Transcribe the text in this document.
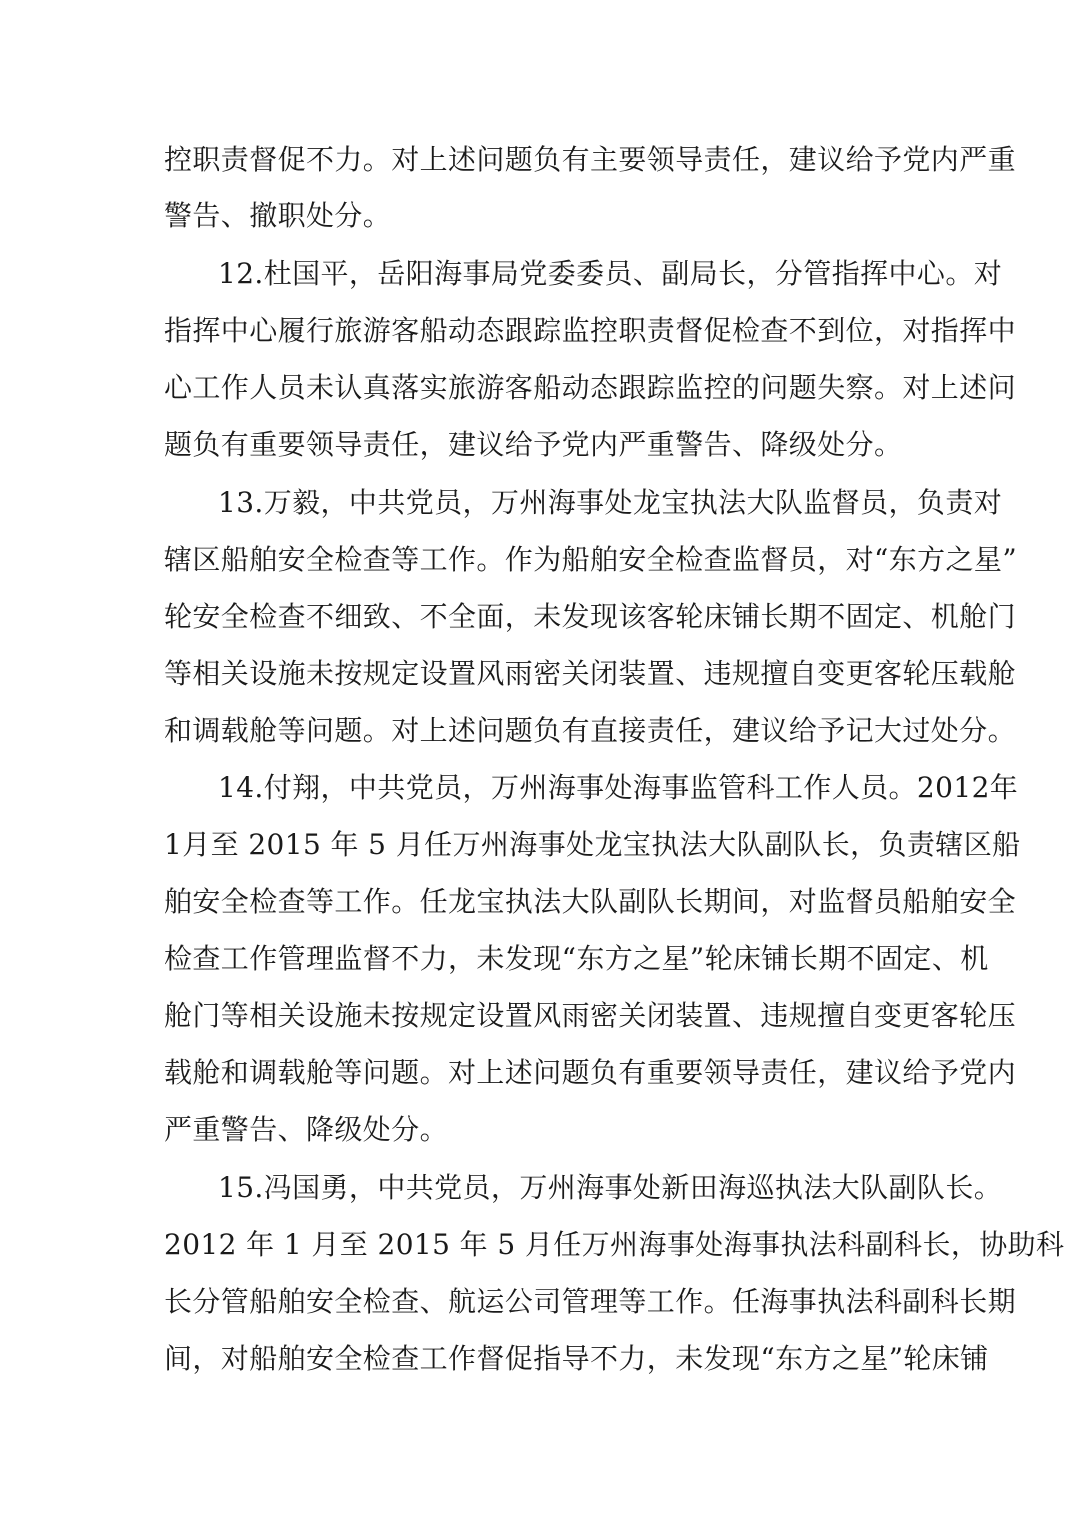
控职责督促不力。对上述问题负有主要领导责任，建议给予党内严重
警告、撤职处分。
12.杜国平，岳阳海事局党委委员、副局长，分管指挥中心。对
指挥中心履行旅游客船动态跟踪监控职责督促检查不到位，对指挥中
心工作人员未认真落实旅游客船动态跟踪监控的问题失察。对上述问
题负有重要领导责任，建议给予党内严重警告、降级处分。
13.万毅，中共党员，万州海事处龙宝执法大队监督员，负责对
辖区船舶安全检查等工作。作为船舶安全检查监督员，对“东方之星”
轮安全检查不细致、不全面，未发现该客轮床铺长期不固定、机舱门
等相关设施未按规定设置风雨密关闭装置、违规擅自变更客轮压载舱
和调载舱等问题。对上述问题负有直接责任，建议给予记大过处分。
14.付翔，中共党员，万州海事处海事监管科工作人员。2012年
1月至 2015 年 5 月任万州海事处龙宝执法大队副队长，负责辖区船
舶安全检查等工作。任龙宝执法大队副队长期间，对监督员船舶安全
检查工作管理监督不力，未发现“东方之星”轮床铺长期不固定、机
舱门等相关设施未按规定设置风雨密关闭装置、违规擅自变更客轮压
载舱和调载舱等问题。对上述问题负有重要领导责任，建议给予党内
严重警告、降级处分。
15.冯国勇，中共党员，万州海事处新田海巡执法大队副队长。
2012 年 1 月至 2015 年 5 月任万州海事处海事执法科副科长，协助科
长分管船舶安全检查、航运公司管理等工作。任海事执法科副科长期
间，对船舶安全检查工作督促指导不力，未发现“东方之星”轮床铺
